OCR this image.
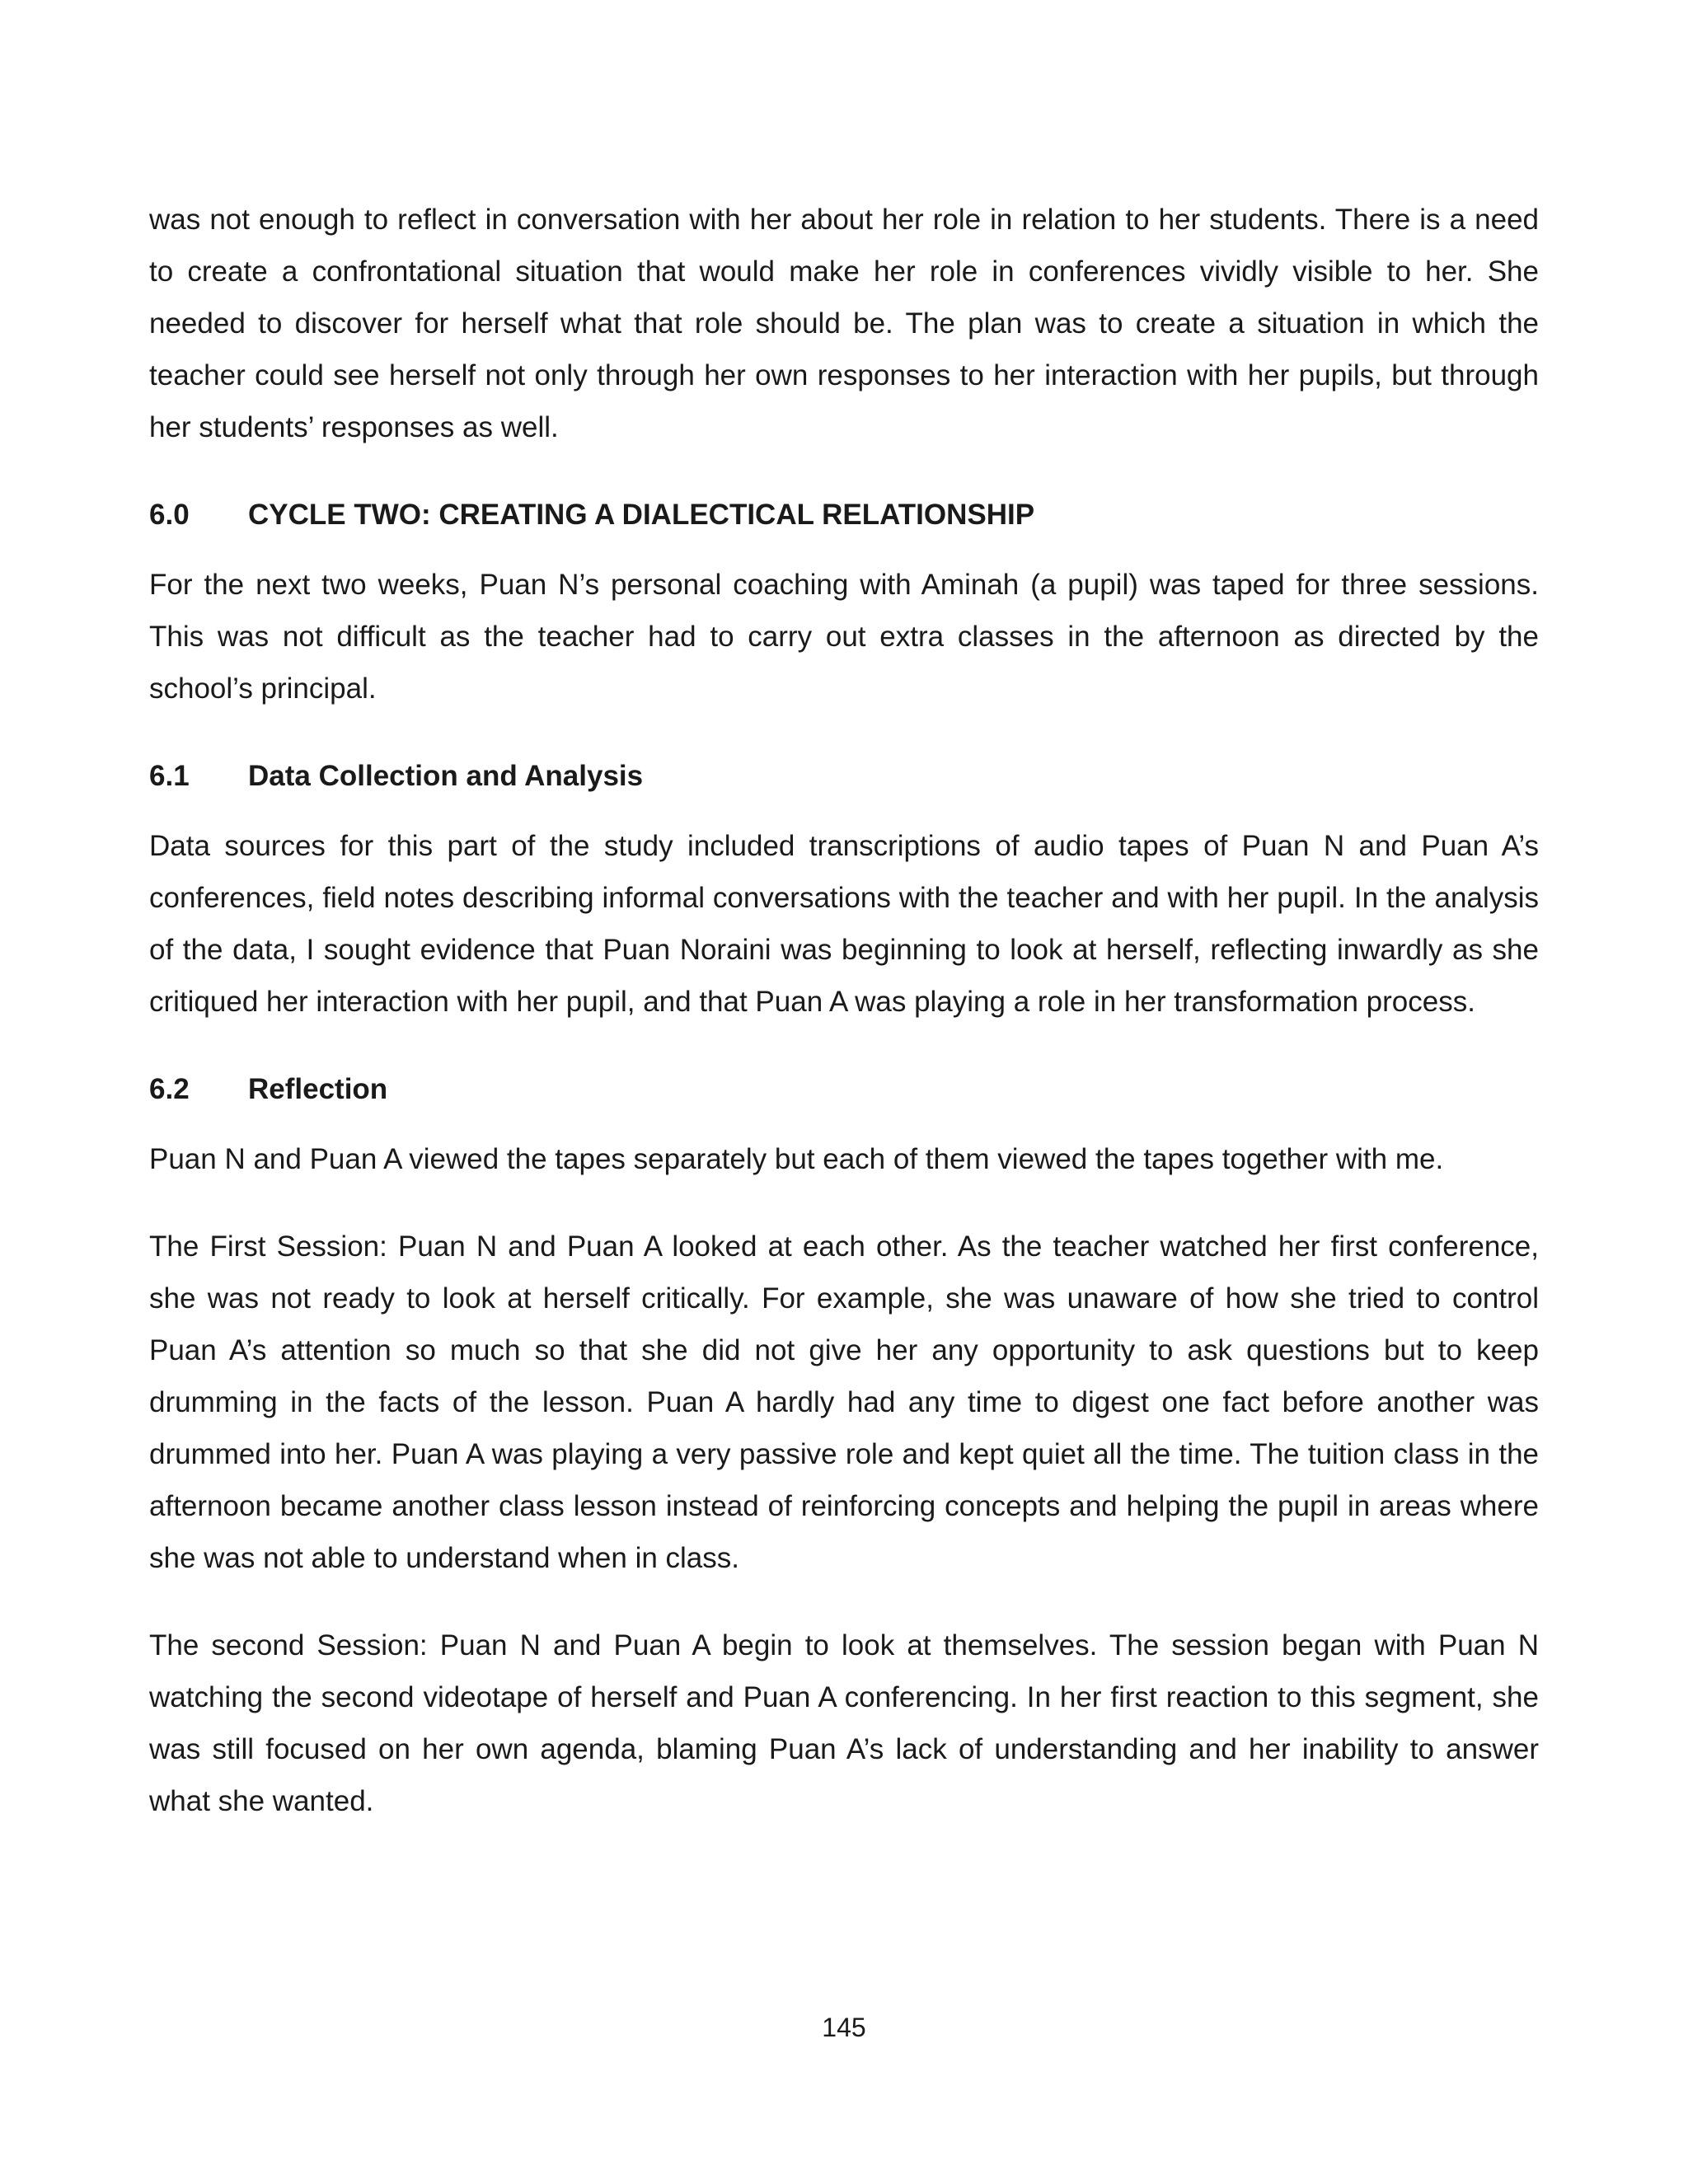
was not enough to reflect in conversation with her about her role in relation to her students. There is a need to create a confrontational situation that would make her role in conferences vividly visible to her. She needed to discover for herself what that role should be. The plan was to create a situation in which the teacher could see herself not only through her own responses to her interaction with her pupils, but through her students’ responses as well.

6.0 CYCLE TWO: CREATING A DIALECTICAL RELATIONSHIP

For the next two weeks, Puan N’s personal coaching with Aminah (a pupil) was taped for three sessions. This was not difficult as the teacher had to carry out extra classes in the afternoon as directed by the school’s principal.

6.1 Data Collection and Analysis

Data sources for this part of the study included transcriptions of audio tapes of Puan N and Puan A’s conferences, field notes describing informal conversations with the teacher and with her pupil. In the analysis of the data, I sought evidence that Puan Noraini was beginning to look at herself, reflecting inwardly as she critiqued her interaction with her pupil, and that Puan A was playing a role in her transformation process.

6.2 Reflection

Puan N and Puan A viewed the tapes separately but each of them viewed the tapes together with me.

The First Session: Puan N and Puan A looked at each other. As the teacher watched her first conference, she was not ready to look at herself critically. For example, she was unaware of how she tried to control Puan A’s attention so much so that she did not give her any opportunity to ask questions but to keep drumming in the facts of the lesson. Puan A hardly had any time to digest one fact before another was drummed into her. Puan A was playing a very passive role and kept quiet all the time. The tuition class in the afternoon became another class lesson instead of reinforcing concepts and helping the pupil in areas where she was not able to understand when in class.

The second Session: Puan N and Puan A begin to look at themselves. The session began with Puan N watching the second videotape of herself and Puan A conferencing. In her first reaction to this segment, she was still focused on her own agenda, blaming Puan A’s lack of understanding and her inability to answer what she wanted.

145
